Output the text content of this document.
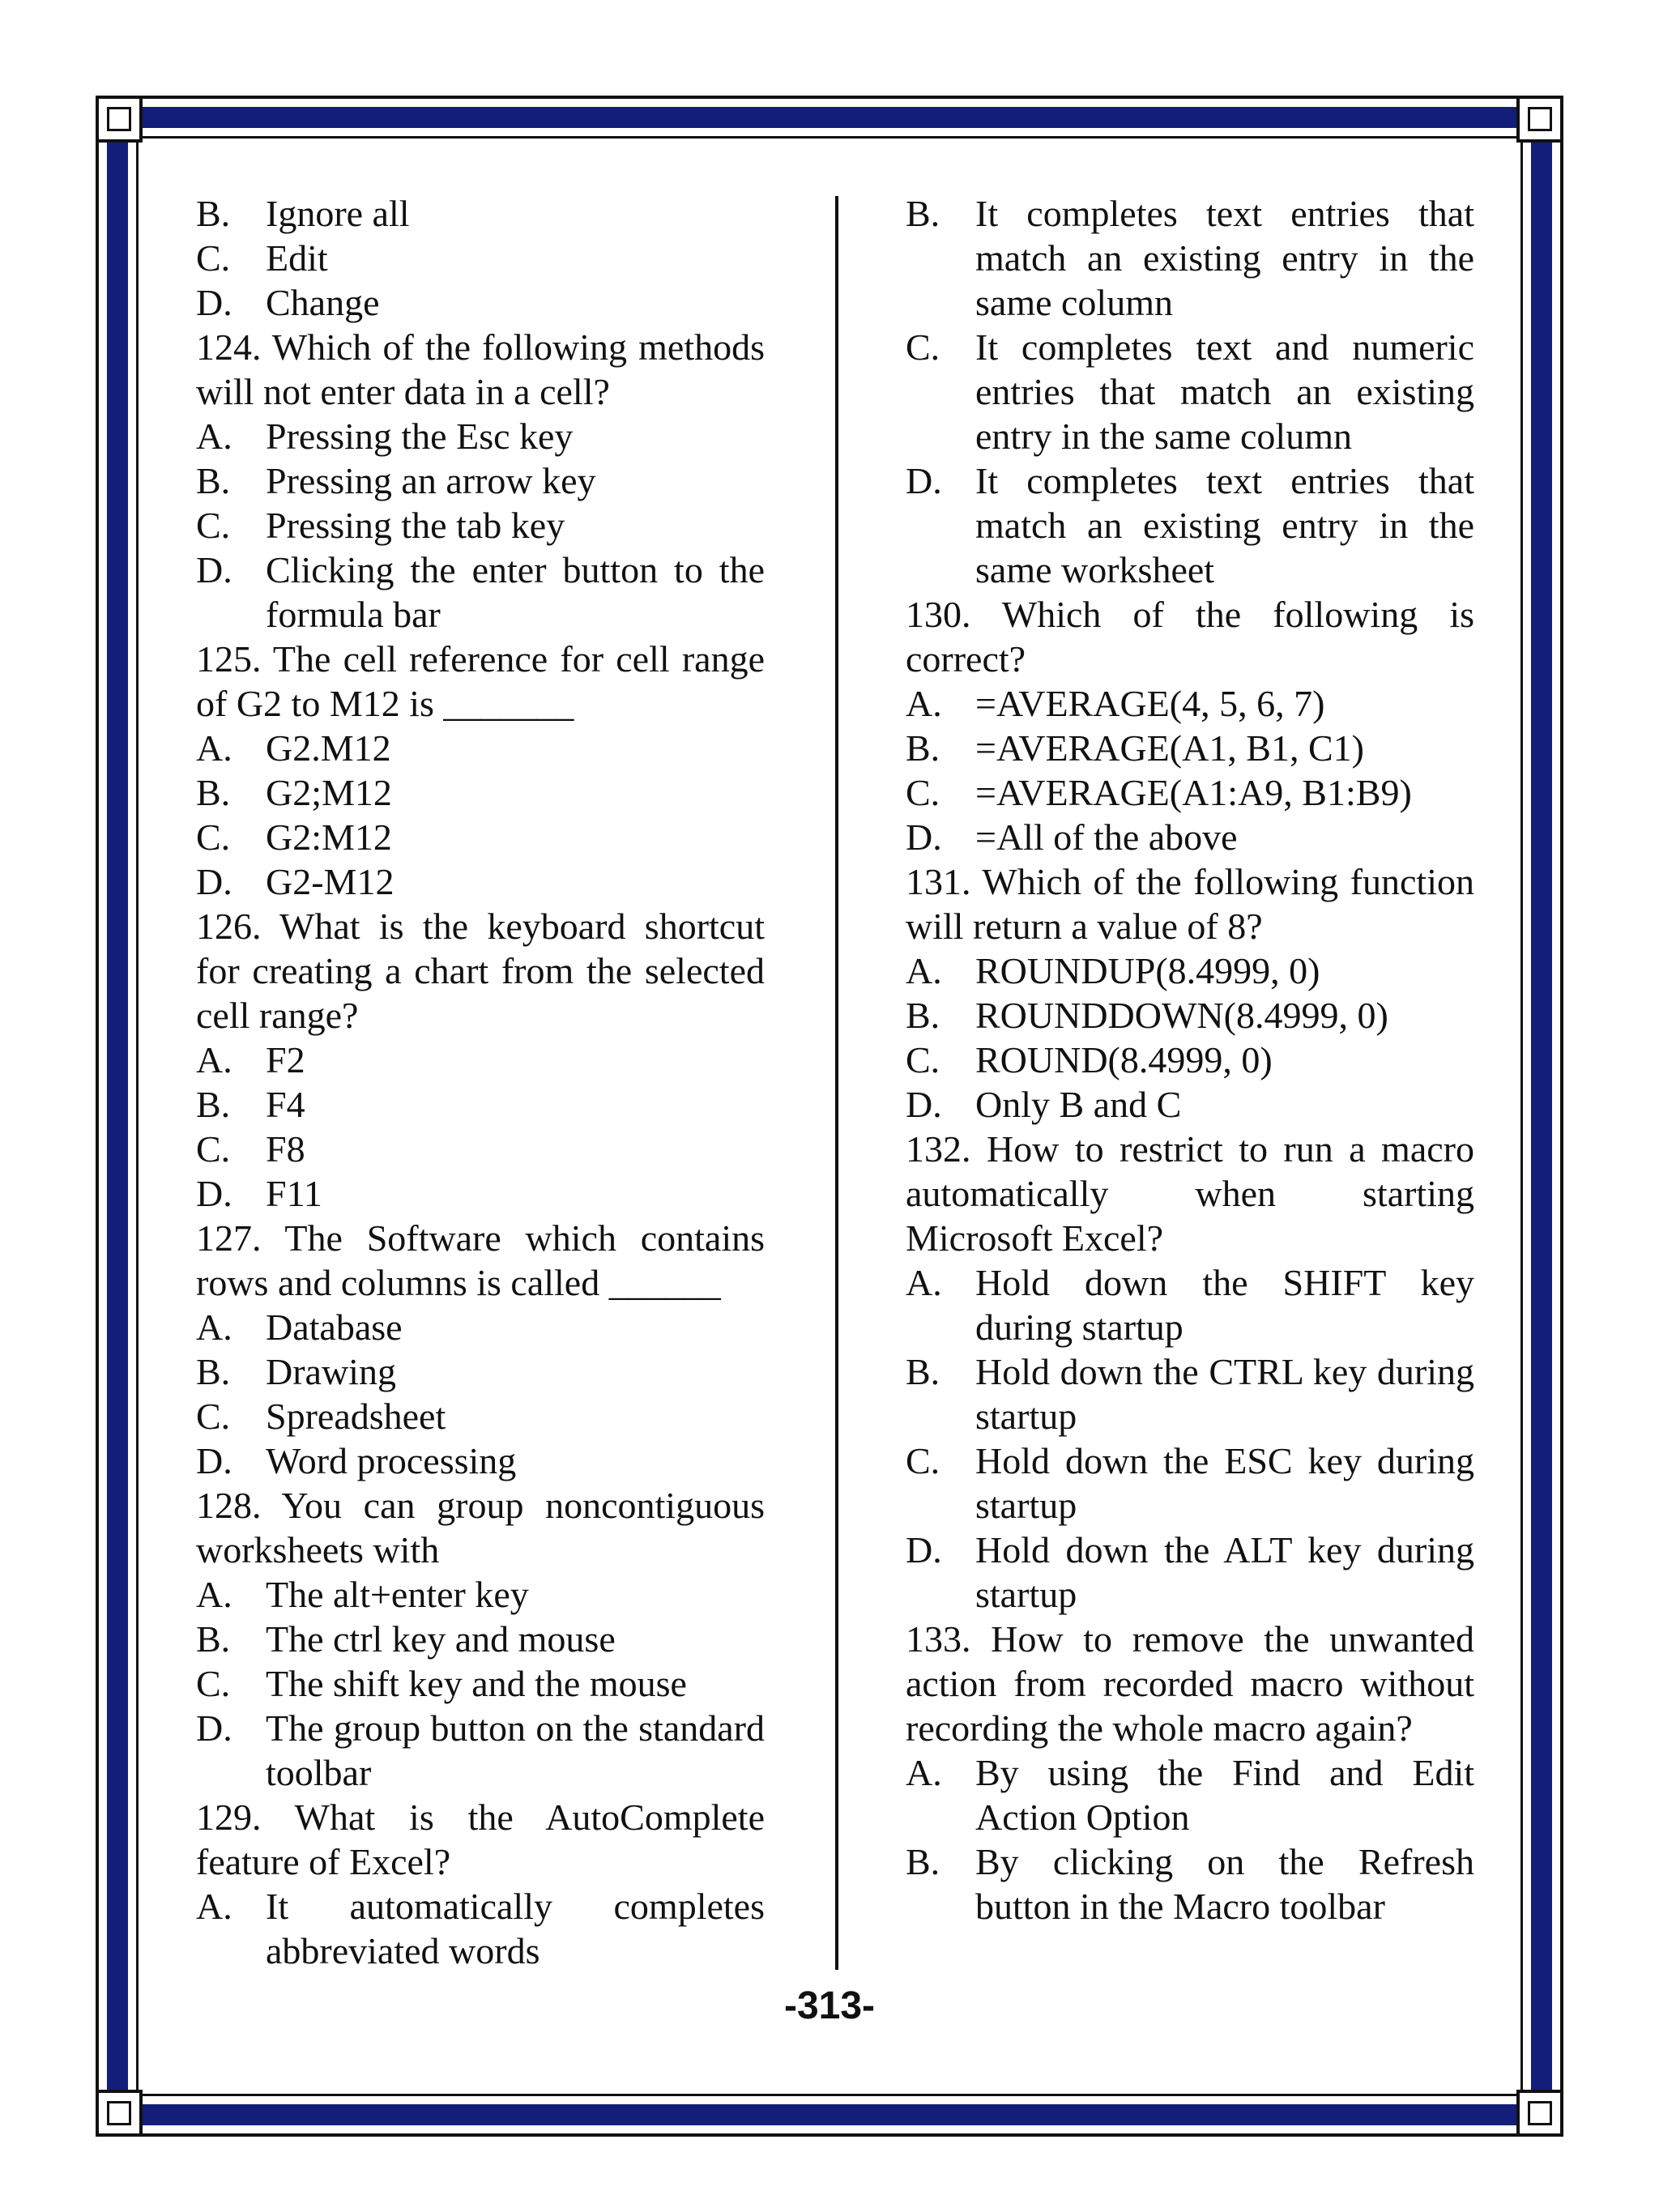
B. Ignore all
C. Edit
D. Change
124. Which of the following methods will not enter data in a cell?
A. Pressing the Esc key
B. Pressing an arrow key
C. Pressing the tab key
D. Clicking the enter button to the formula bar
125. The cell reference for cell range of G2 to M12 is _______
A. G2.M12
B. G2;M12
C. G2:M12
D. G2-M12
126. What is the keyboard shortcut for creating a chart from the selected cell range?
A. F2
B. F4
C. F8
D. F11
127. The Software which contains rows and columns is called ______
A. Database
B. Drawing
C. Spreadsheet
D. Word processing
128. You can group noncontiguous worksheets with
A. The alt+enter key
B. The ctrl key and mouse
C. The shift key and the mouse
D. The group button on the standard toolbar
129. What is the AutoComplete feature of Excel?
A. It automatically completes abbreviated words
B. It completes text entries that match an existing entry in the same column
C. It completes text and numeric entries that match an existing entry in the same column
D. It completes text entries that match an existing entry in the same worksheet
130. Which of the following is correct?
A. =AVERAGE(4, 5, 6, 7)
B. =AVERAGE(A1, B1, C1)
C. =AVERAGE(A1:A9, B1:B9)
D. =All of the above
131. Which of the following function will return a value of 8?
A. ROUNDUP(8.4999, 0)
B. ROUNDDOWN(8.4999, 0)
C. ROUND(8.4999, 0)
D. Only B and C
132. How to restrict to run a macro automatically when starting Microsoft Excel?
A. Hold down the SHIFT key during startup
B. Hold down the CTRL key during startup
C. Hold down the ESC key during startup
D. Hold down the ALT key during startup
133. How to remove the unwanted action from recorded macro without recording the whole macro again?
A. By using the Find and Edit Action Option
B. By clicking on the Refresh button in the Macro toolbar
-313-
